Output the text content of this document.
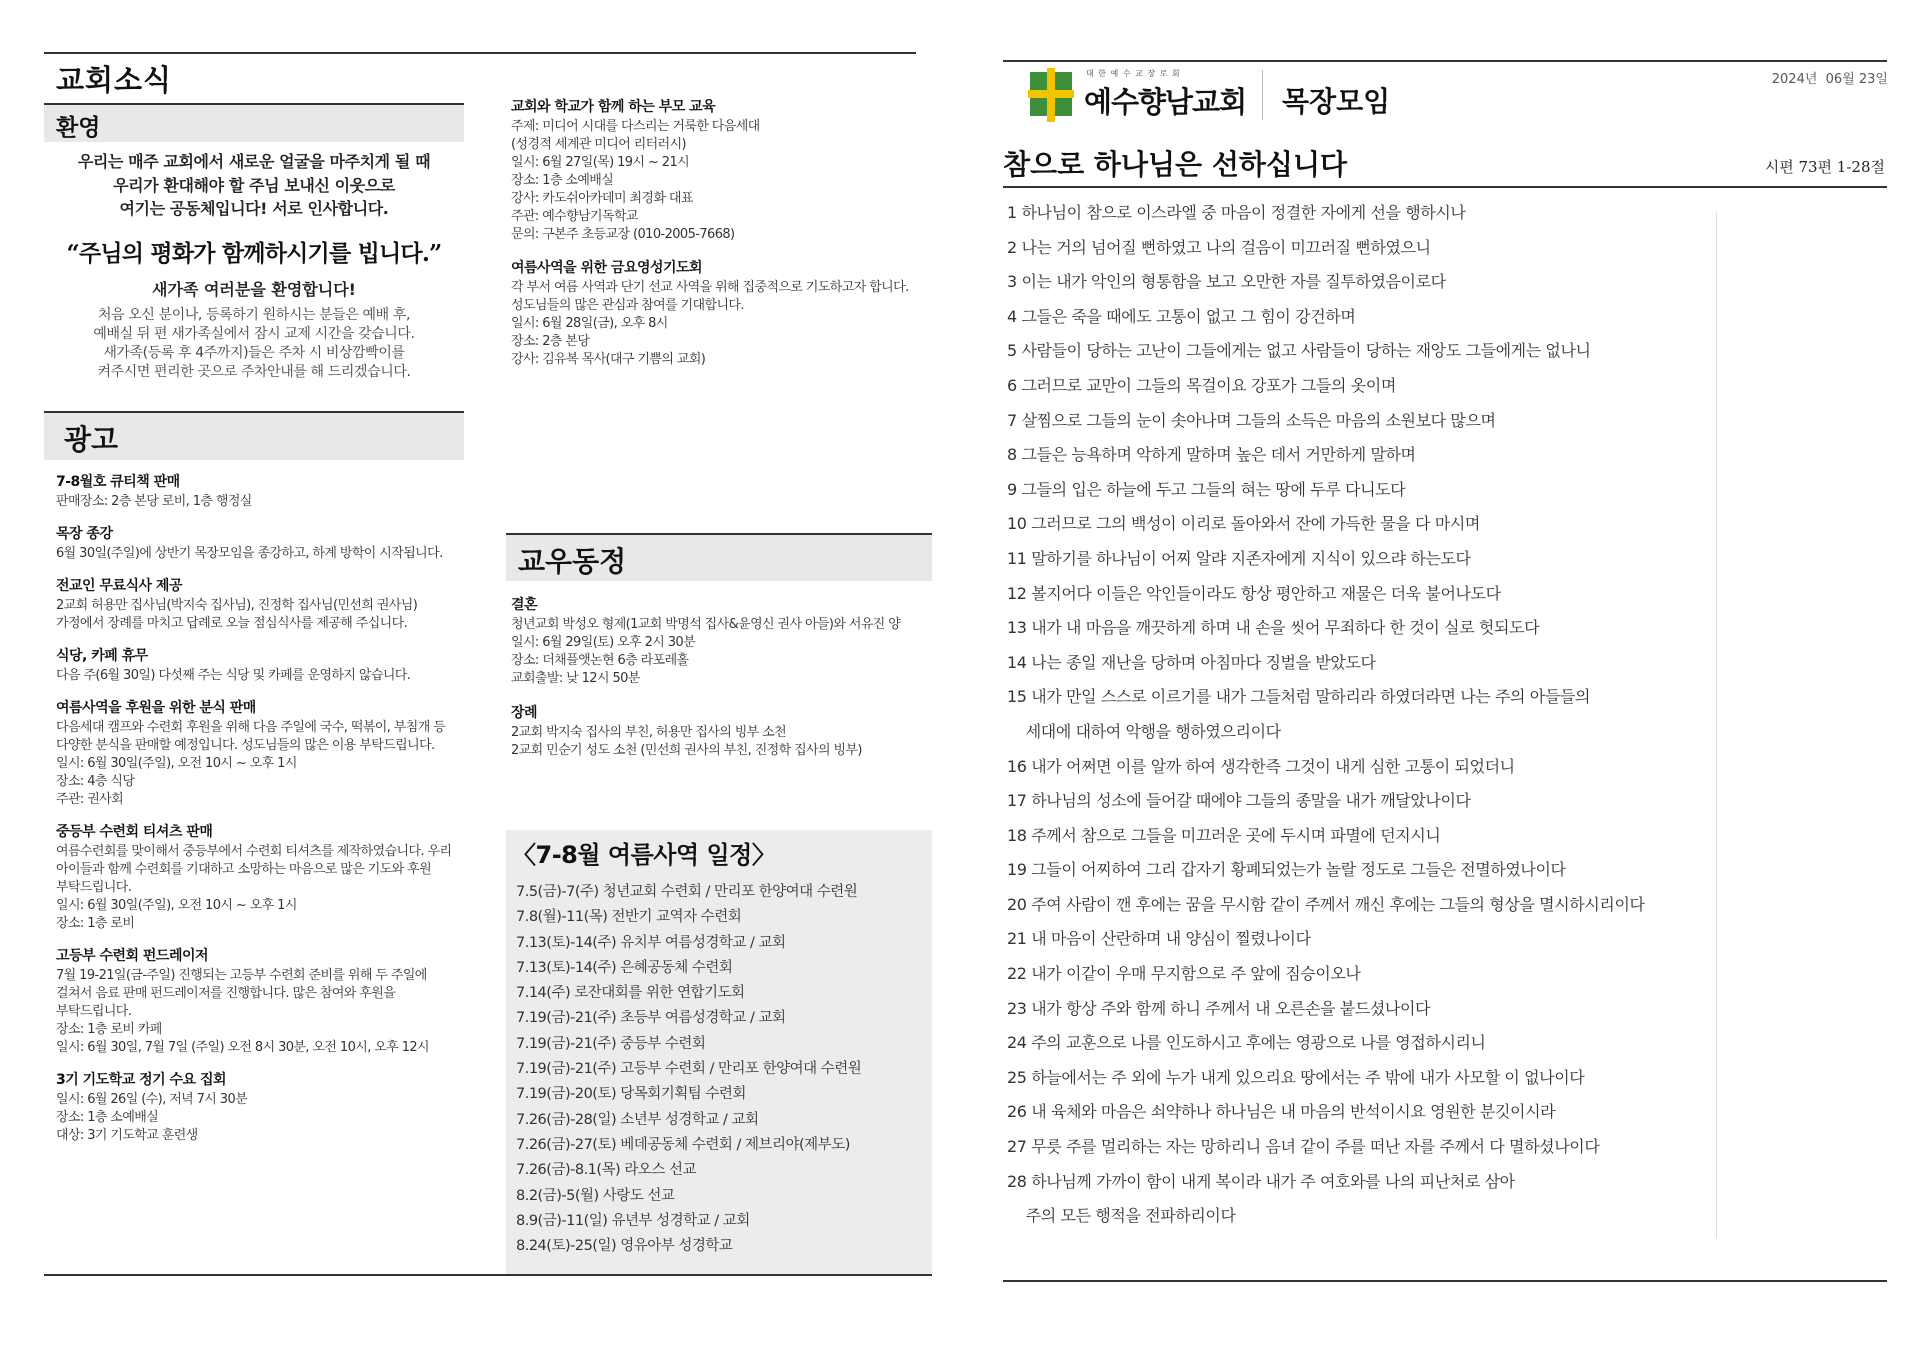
교회소식
환영
우리는 매주 교회에서 새로운 얼굴을 마주치게 될 때
우리가 환대해야 할 주님 보내신 이웃으로
여기는 공동체입니다! 서로 인사합니다.
“주님의 평화가 함께하시기를 빕니다.”
새가족 여러분을 환영합니다!
처음 오신 분이나, 등록하기 원하시는 분들은 예배 후,
예배실 뒤 편 새가족실에서 잠시 교제 시간을 갖습니다.
새가족(등록 후 4주까지)들은 주차 시 비상깜빡이를
켜주시면 편리한 곳으로 주차안내를 해 드리겠습니다.
광고
7-8월호 큐티책 판매
판매장소: 2층 본당 로비, 1층 행정실
목장 종강
6월 30일(주일)에 상반기 목장모임을 종강하고, 하계 방학이 시작됩니다.
전교인 무료식사 제공
2교회 허용만 집사님(박지숙 집사님), 진정학 집사님(민선희 권사님)
가정에서 장례를 마치고 답례로 오늘 점심식사를 제공해 주십니다.
식당, 카페 휴무
다음 주(6월 30일) 다섯째 주는 식당 및 카페를 운영하지 않습니다.
여름사역을 후원을 위한 분식 판매
다음세대 캠프와 수련회 후원을 위해 다음 주일에 국수, 떡볶이, 부침개 등
다양한 분식을 판매할 예정입니다. 성도님들의 많은 이용 부탁드립니다.
일시: 6월 30일(주일), 오전 10시 ~ 오후 1시
장소: 4층 식당
주관: 권사회
중등부 수련회 티셔츠 판매
여름수련회를 맞이해서 중등부에서 수련회 티셔츠를 제작하였습니다. 우리
아이들과 함께 수련회를 기대하고 소망하는 마음으로 많은 기도와 후원
부탁드립니다.
일시: 6월 30일(주일), 오전 10시 ~ 오후 1시
장소: 1층 로비
고등부 수련회 펀드레이저
7월 19-21일(금-주일) 진행되는 고등부 수련회 준비를 위해 두 주일에
걸쳐서 음료 판매 펀드레이저를 진행합니다. 많은 참여와 후원을
부탁드립니다.
장소: 1층 로비 카페
일시: 6월 30일, 7월 7일 (주일) 오전 8시 30분, 오전 10시, 오후 12시
3기 기도학교 정기 수요 집회
일시: 6월 26일 (수), 저녁 7시 30분
장소: 1층 소예배실
대상: 3기 기도학교 훈련생
교회와 학교가 함께 하는 부모 교육
주제: 미디어 시대를 다스리는 거룩한 다음세대
(성경적 세계관 미디어 리터러시)
일시: 6월 27일(목) 19시 ~ 21시
장소: 1층 소예배실
강사: 카도쉬아카데미 최경화 대표
주관: 예수향남기독학교
문의: 구본주 초등교장 (010-2005-7668)
여름사역을 위한 금요영성기도회
각 부서 여름 사역과 단기 선교 사역을 위해 집중적으로 기도하고자 합니다.
성도님들의 많은 관심과 참여를 기대합니다.
일시: 6월 28일(금), 오후 8시
장소: 2층 본당
강사: 김유복 목사(대구 기쁨의 교회)
교우동정
결혼
청년교회 박성오 형제(1교회 박명석 집사&윤영신 권사 아들)와 서유진 양
일시: 6월 29일(토) 오후 2시 30분
장소: 더채플앳논현 6층 라포레홀
교회출발: 낮 12시 50분
장례
2교회 박지숙 집사의 부친, 허용만 집사의 빙부 소천
2교회 민순기 성도 소천 (민선희 권사의 부친, 진정학 집사의 빙부)
〈7-8월 여름사역 일정〉
7.5(금)-7(주) 청년교회 수련회 / 만리포 한양여대 수련원
7.8(월)-11(목) 전반기 교역자 수련회
7.13(토)-14(주) 유치부 여름성경학교 / 교회
7.13(토)-14(주) 은혜공동체 수련회
7.14(주) 로잔대회를 위한 연합기도회
7.19(금)-21(주) 초등부 여름성경학교 / 교회
7.19(금)-21(주) 중등부 수련회
7.19(금)-21(주) 고등부 수련회 / 만리포 한양여대 수련원
7.19(금)-20(토) 당목회기획팀 수련회
7.26(금)-28(일) 소년부 성경학교 / 교회
7.26(금)-27(토) 베데공동체 수련회 / 제브리야(제부도)
7.26(금)-8.1(목) 라오스 선교
8.2(금)-5(월) 사랑도 선교
8.9(금)-11(일) 유년부 성경학교 / 교회
8.24(토)-25(일) 영유아부 성경학교
대 한 예 수 교 장 로 회
예수향남교회 목장모임
2024년  06월 23일
참으로 하나님은 선하십니다	시편 73편 1-28절
1 하나님이 참으로 이스라엘 중 마음이 정결한 자에게 선을 행하시나
2 나는 거의 넘어질 뻔하였고 나의 걸음이 미끄러질 뻔하였으니
3 이는 내가 악인의 형통함을 보고 오만한 자를 질투하였음이로다
4 그들은 죽을 때에도 고통이 없고 그 힘이 강건하며
5 사람들이 당하는 고난이 그들에게는 없고 사람들이 당하는 재앙도 그들에게는 없나니
6 그러므로 교만이 그들의 목걸이요 강포가 그들의 옷이며
7 살찜으로 그들의 눈이 솟아나며 그들의 소득은 마음의 소원보다 많으며
8 그들은 능욕하며 악하게 말하며 높은 데서 거만하게 말하며
9 그들의 입은 하늘에 두고 그들의 혀는 땅에 두루 다니도다
10 그러므로 그의 백성이 이리로 돌아와서 잔에 가득한 물을 다 마시며
11 말하기를 하나님이 어찌 알랴 지존자에게 지식이 있으랴 하는도다
12 볼지어다 이들은 악인들이라도 항상 평안하고 재물은 더욱 불어나도다
13 내가 내 마음을 깨끗하게 하며 내 손을 씻어 무죄하다 한 것이 실로 헛되도다
14 나는 종일 재난을 당하며 아침마다 징벌을 받았도다
15 내가 만일 스스로 이르기를 내가 그들처럼 말하리라 하였더라면 나는 주의 아들들의
세대에 대하여 악행을 행하였으리이다
16 내가 어쩌면 이를 알까 하여 생각한즉 그것이 내게 심한 고통이 되었더니
17 하나님의 성소에 들어갈 때에야 그들의 종말을 내가 깨달았나이다
18 주께서 참으로 그들을 미끄러운 곳에 두시며 파멸에 던지시니
19 그들이 어찌하여 그리 갑자기 황폐되었는가 놀랄 정도로 그들은 전멸하였나이다
20 주여 사람이 깬 후에는 꿈을 무시함 같이 주께서 깨신 후에는 그들의 형상을 멸시하시리이다
21 내 마음이 산란하며 내 양심이 찔렸나이다
22 내가 이같이 우매 무지함으로 주 앞에 짐승이오나
23 내가 항상 주와 함께 하니 주께서 내 오른손을 붙드셨나이다
24 주의 교훈으로 나를 인도하시고 후에는 영광으로 나를 영접하시리니
25 하늘에서는 주 외에 누가 내게 있으리요 땅에서는 주 밖에 내가 사모할 이 없나이다
26 내 육체와 마음은 쇠약하나 하나님은 내 마음의 반석이시요 영원한 분깃이시라
27 무릇 주를 멀리하는 자는 망하리니 음녀 같이 주를 떠난 자를 주께서 다 멸하셨나이다
28 하나님께 가까이 함이 내게 복이라 내가 주 여호와를 나의 피난처로 삼아
주의 모든 행적을 전파하리이다
